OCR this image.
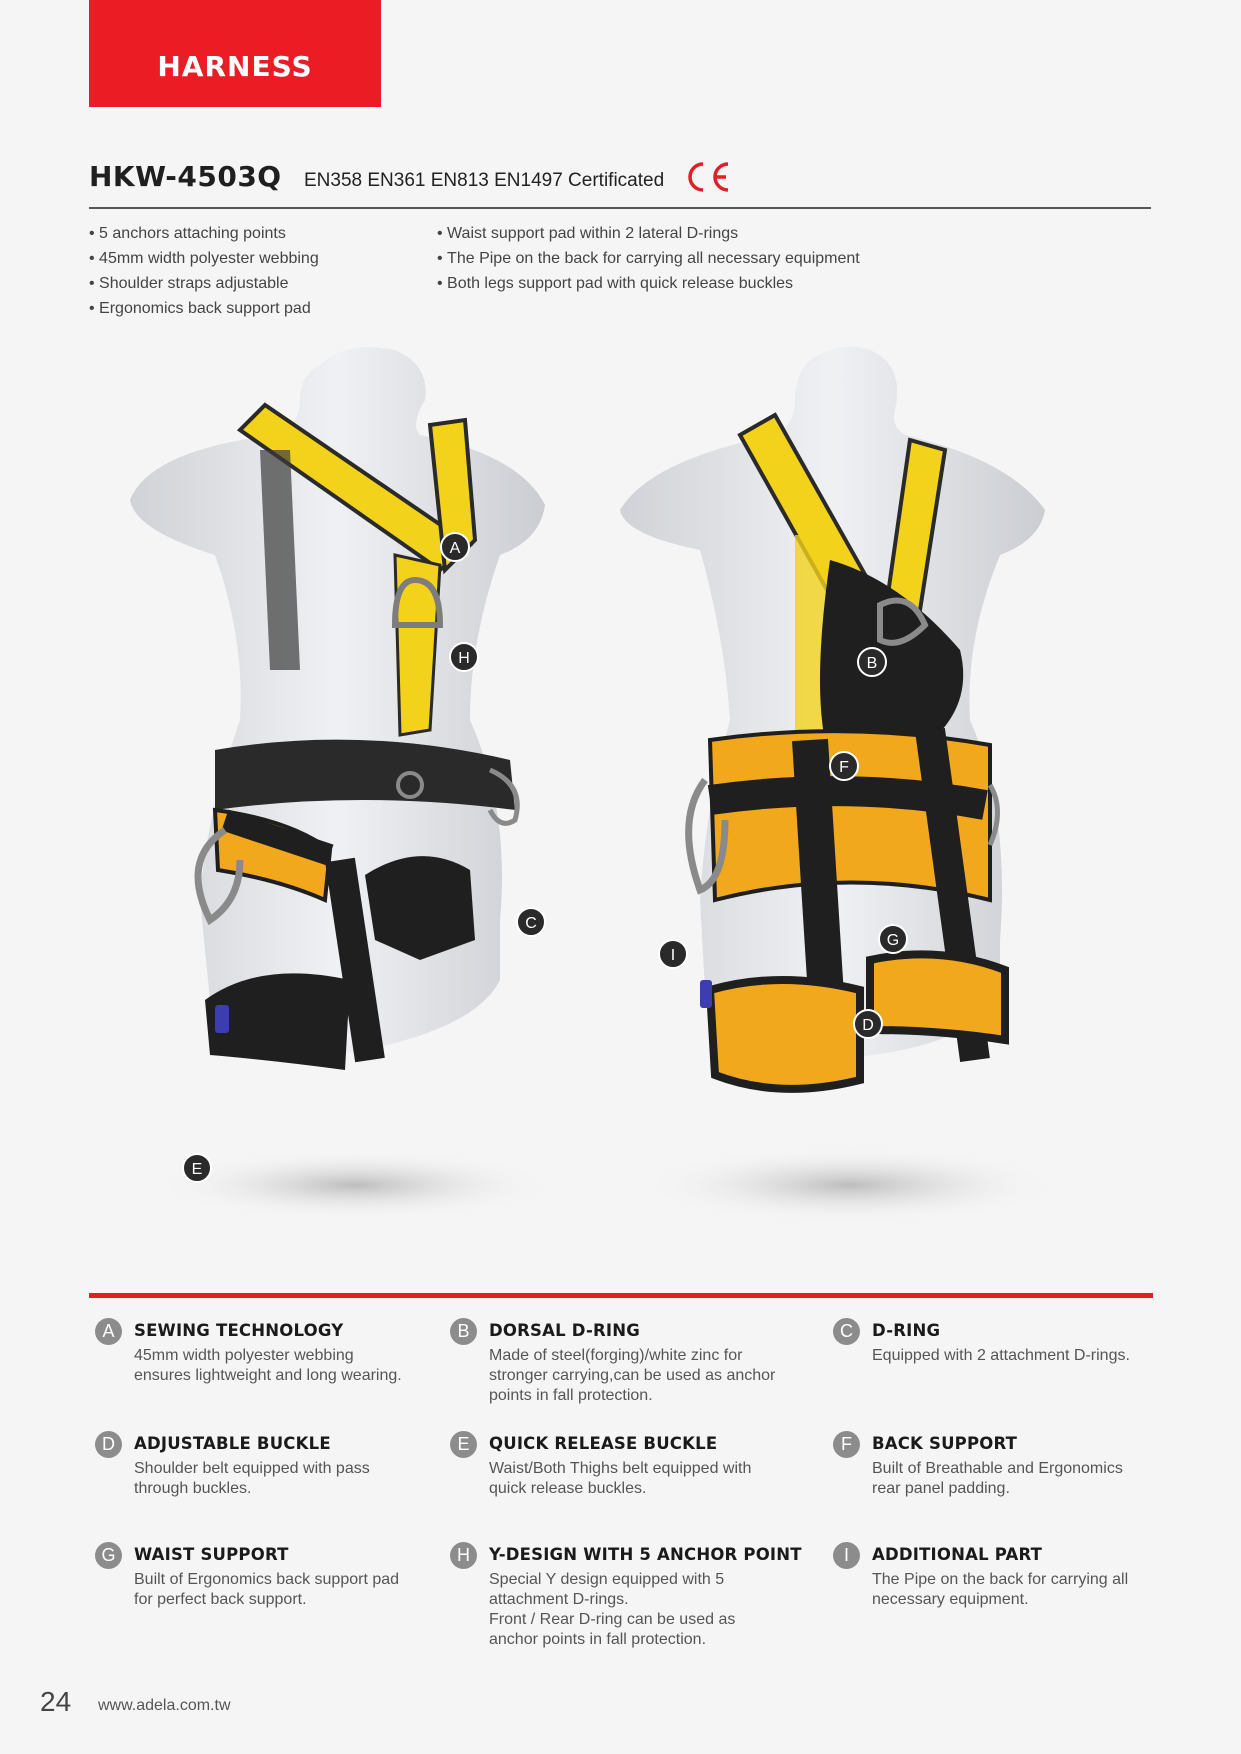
HARNESS
HKW-4503Q EN358 EN361 EN813 EN1497 Certificated
• 5 anchors attaching points
• 45mm width polyester webbing
• Shoulder straps adjustable
• Ergonomics back support pad
• Waist support pad within 2 lateral D-rings
• The Pipe on the back for carrying all necessary equipment
• Both legs support pad with quick release buckles
A
H
C
E
B
F
I
G
D
A	SEWING TECHNOLOGY
45mm width polyester webbing
ensures lightweight and long wearing.
B	DORSAL D-RING
Made of steel(forging)/white zinc for
stronger carrying,can be used as anchor
points in fall protection.
C	D-RING
Equipped with 2 attachment D-rings.
D	ADJUSTABLE BUCKLE
Shoulder belt equipped with pass
through buckles.
E	QUICK RELEASE BUCKLE
Waist/Both Thighs belt equipped with
quick release buckles.
F	BACK SUPPORT
Built of Breathable and Ergonomics
rear panel padding.
G	WAIST SUPPORT
Built of Ergonomics back support pad
for perfect back support.
H	Y-DESIGN WITH 5 ANCHOR POINT
Special Y design equipped with 5
attachment D-rings.
Front / Rear D-ring can be used as
anchor points in fall protection.
I	ADDITIONAL PART
The Pipe on the back for carrying all
necessary equipment.
24 www.adela.com.tw
